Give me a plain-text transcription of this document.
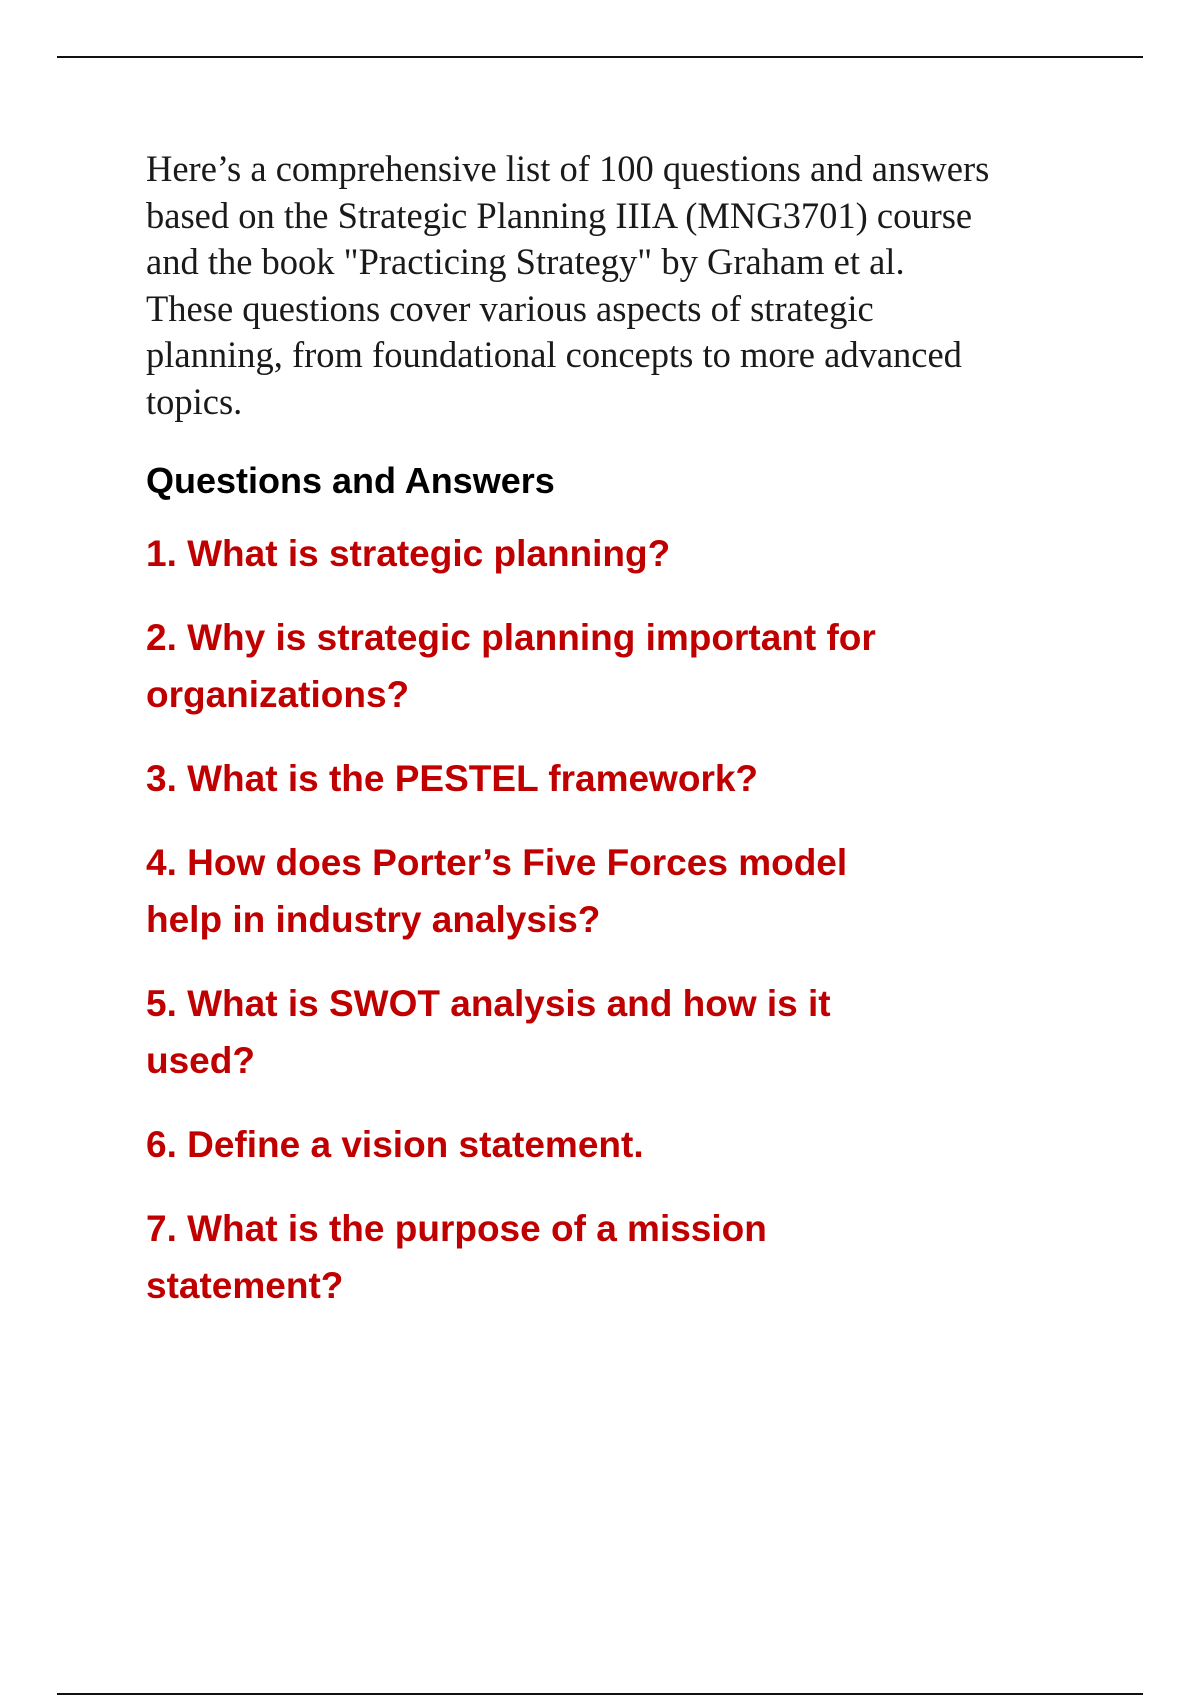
Here’s a comprehensive list of 100 questions and answers
based on the Strategic Planning IIIA (MNG3701) course
and the book "Practicing Strategy" by Graham et al.
These questions cover various aspects of strategic
planning, from foundational concepts to more advanced
topics.

Questions and Answers
1. What is strategic planning?
2. Why is strategic planning important for
organizations?
3. What is the PESTEL framework?
4. How does Porter’s Five Forces model
help in industry analysis?
5. What is SWOT analysis and how is it
used?
6. Define a vision statement.
7. What is the purpose of a mission
statement?
